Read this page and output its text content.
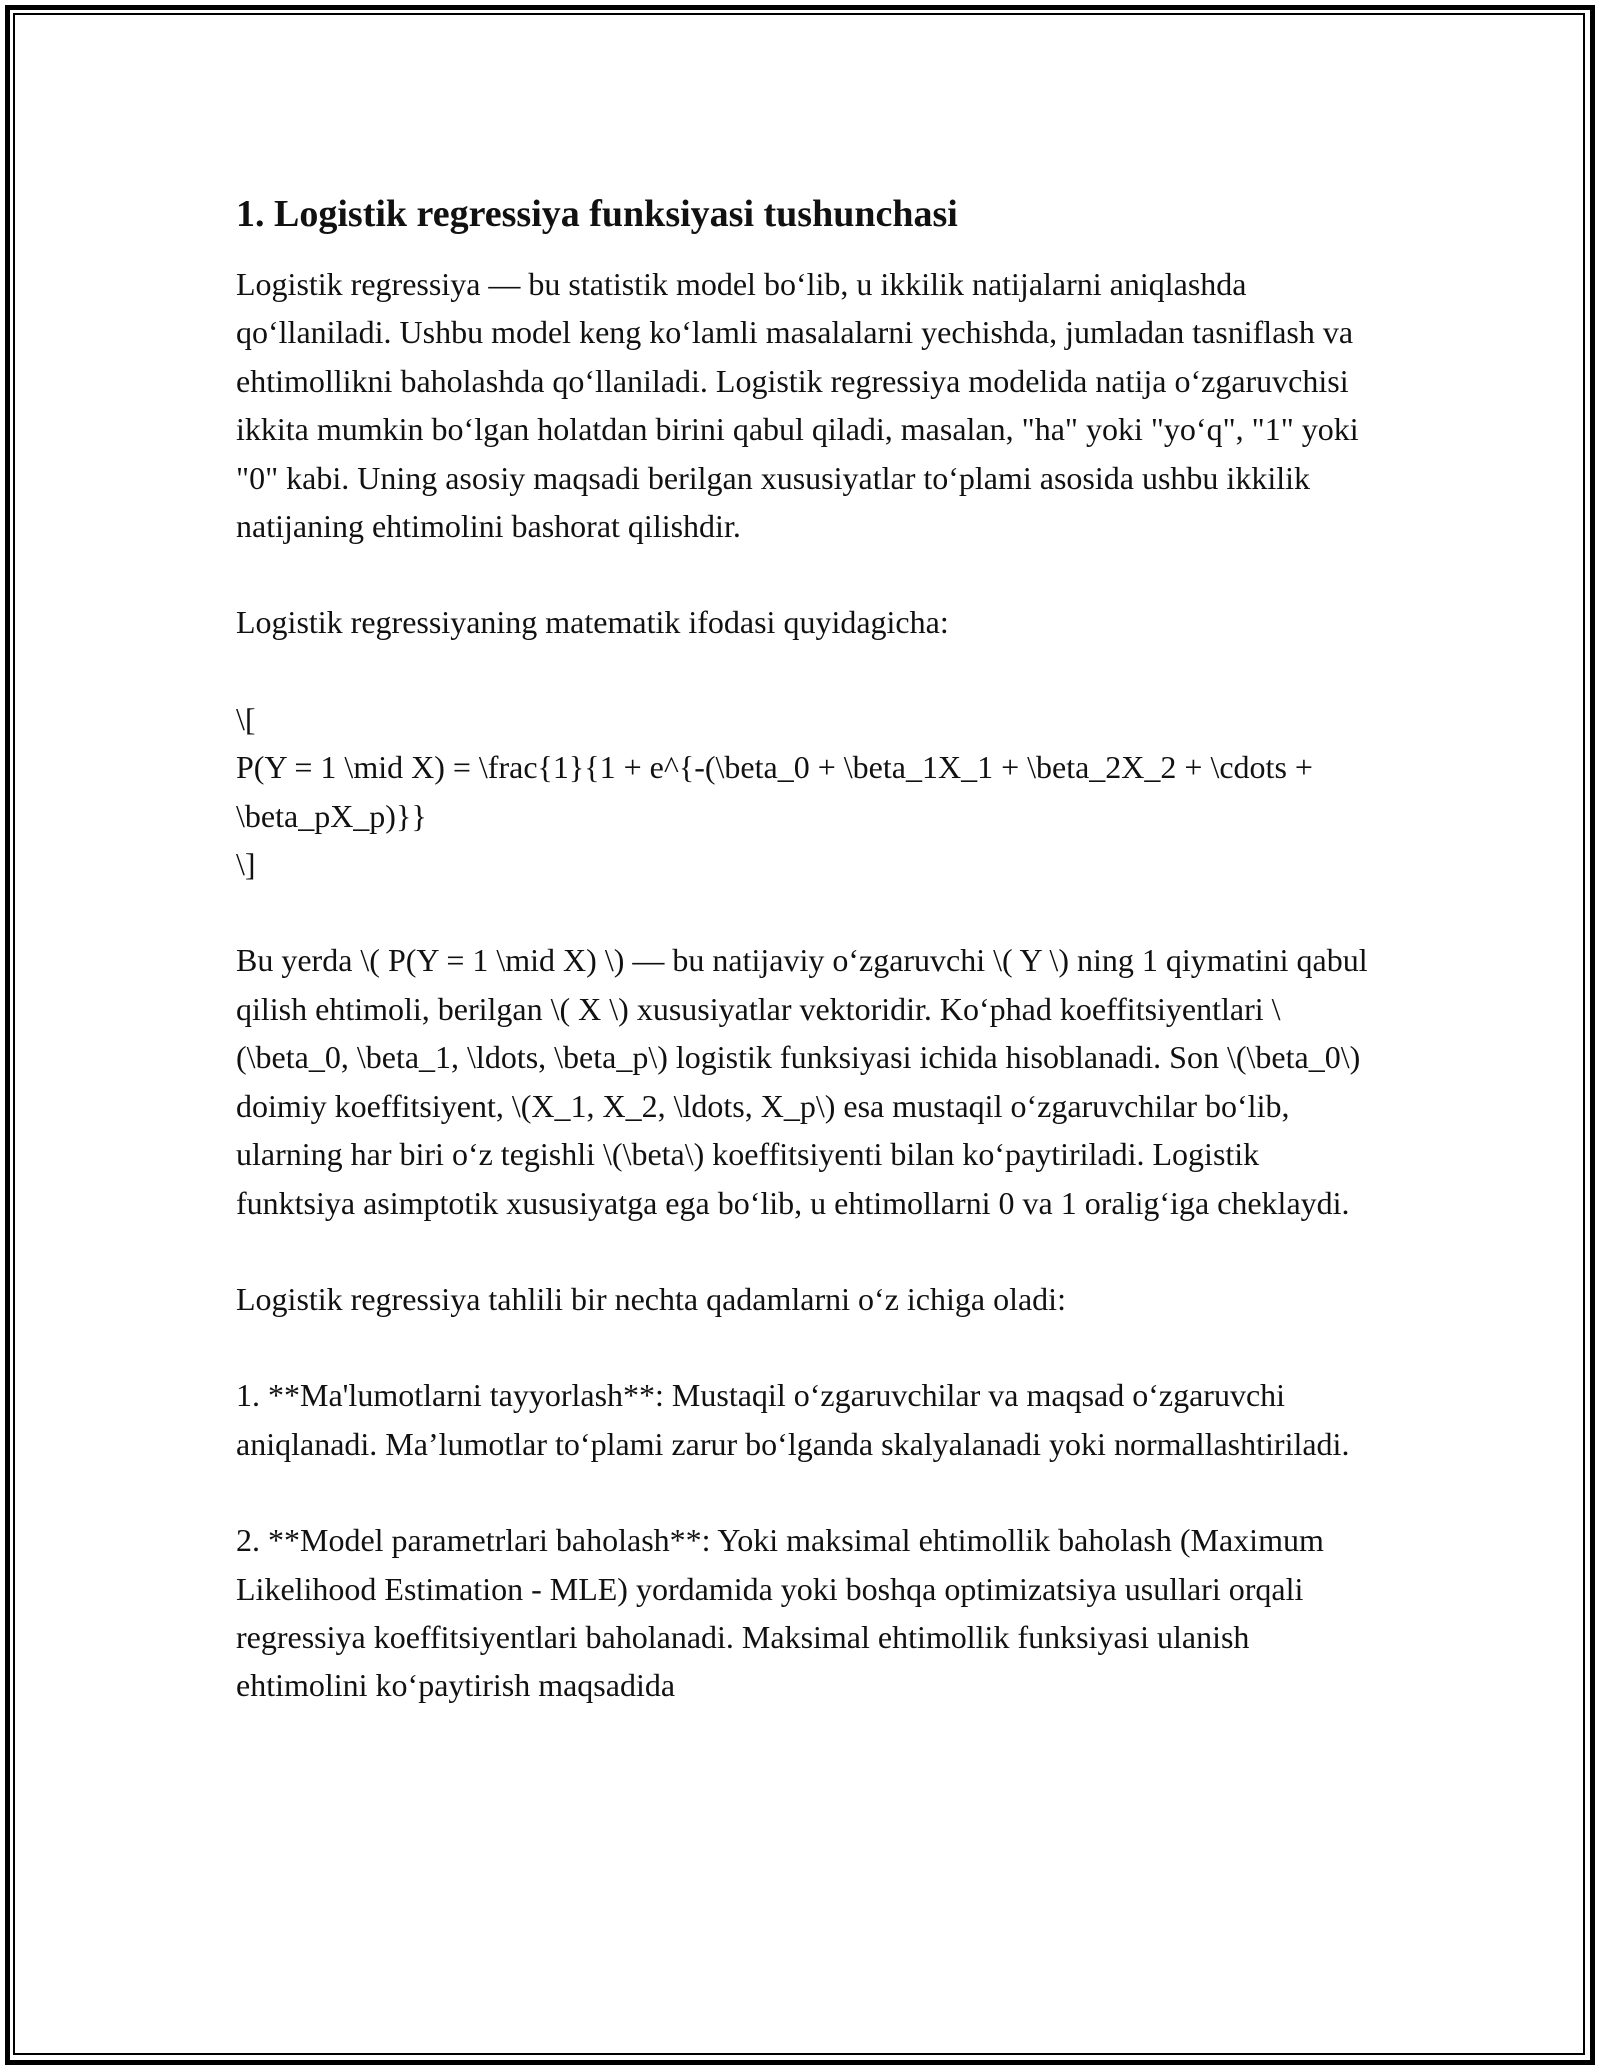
1. Logistik regressiya funksiyasi tushunchasi

Logistik regressiya — bu statistik model bo‘lib, u ikkilik natijalarni aniqlashda qo‘llaniladi. Ushbu model keng ko‘lamli masalalarni yechishda, jumladan tasniflash va ehtimollikni baholashda qo‘llaniladi. Logistik regressiya modelida natija o‘zgaruvchisi ikkita mumkin bo‘lgan holatdan birini qabul qiladi, masalan, "ha" yoki "yo‘q", "1" yoki "0" kabi. Uning asosiy maqsadi berilgan xususiyatlar to‘plami asosida ushbu ikkilik natijaning ehtimolini bashorat qilishdir.

Logistik regressiyaning matematik ifodasi quyidagicha:

\[
P(Y = 1 \mid X) = \frac{1}{1 + e^{-(\beta_0 + \beta_1X_1 + \beta_2X_2 + \cdots + \beta_pX_p)}}
\]

Bu yerda \( P(Y = 1 \mid X) \) — bu natijaviy o‘zgaruvchi \( Y \) ning 1 qiymatini qabul qilish ehtimoli, berilgan \( X \) xususiyatlar vektoridir. Ko‘phad koeffitsiyentlari \(\beta_0, \beta_1, \ldots, \beta_p\) logistik funksiyasi ichida hisoblanadi. Son \(\beta_0\) doimiy koeffitsiyent, \(X_1, X_2, \ldots, X_p\) esa mustaqil o‘zgaruvchilar bo‘lib, ularning har biri o‘z tegishli \(\beta\) koeffitsiyenti bilan ko‘paytiriladi. Logistik funktsiya asimptotik xususiyatga ega bo‘lib, u ehtimollarni 0 va 1 oralig‘iga cheklaydi.

Logistik regressiya tahlili bir nechta qadamlarni o‘z ichiga oladi:

1. **Ma'lumotlarni tayyorlash**: Mustaqil o‘zgaruvchilar va maqsad o‘zgaruvchi aniqlanadi. Ma’lumotlar to‘plami zarur bo‘lganda skalyalanadi yoki normallashtiriladi.

2. **Model parametrlari baholash**: Yoki maksimal ehtimollik baholash (Maximum Likelihood Estimation - MLE) yordamida yoki boshqa optimizatsiya usullari orqali regressiya koeffitsiyentlari baholanadi. Maksimal ehtimollik funksiyasi ulanish ehtimolini ko‘paytirish maqsadida
